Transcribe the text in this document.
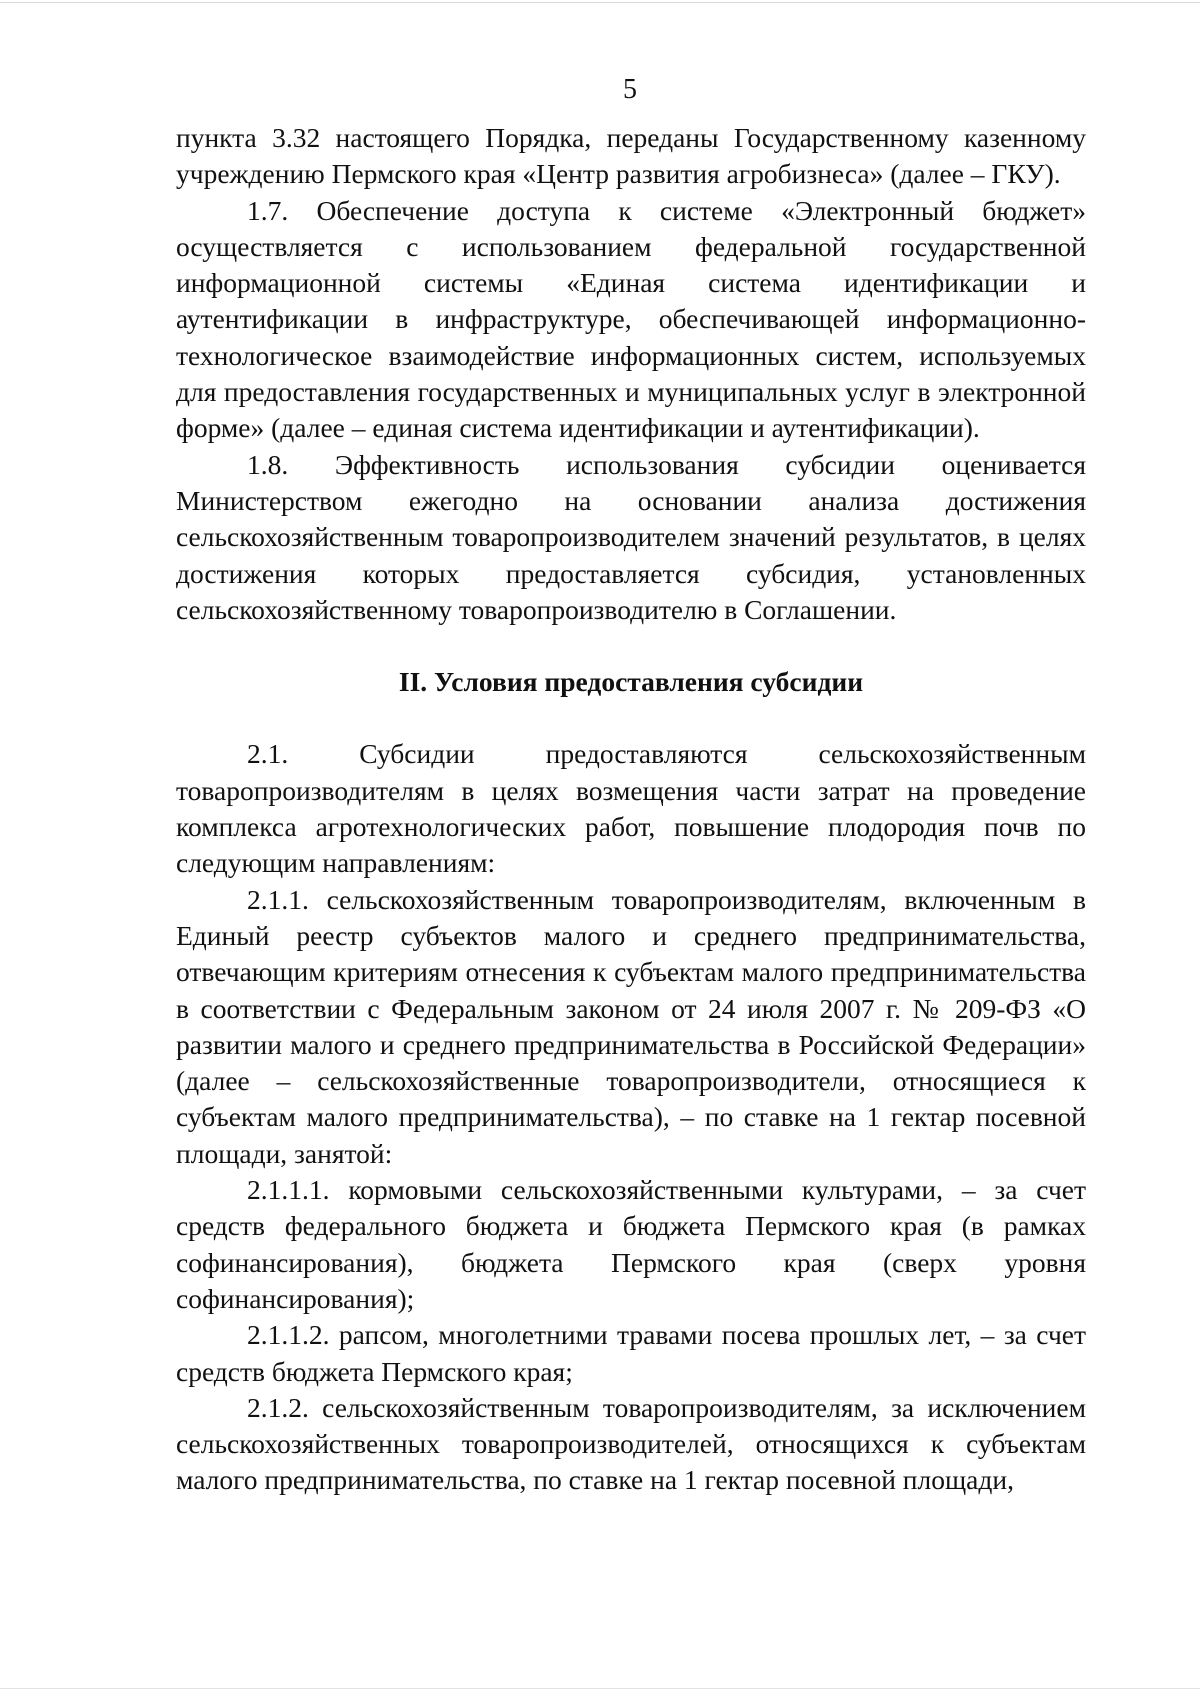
5

пункта 3.32 настоящего Порядка, переданы Государственному казенному учреждению Пермского края «Центр развития агробизнеса» (далее – ГКУ).

1.7. Обеспечение доступа к системе «Электронный бюджет» осуществляется с использованием федеральной государственной информационной системы «Единая система идентификации и аутентификации в инфраструктуре, обеспечивающей информационно-технологическое взаимодействие информационных систем, используемых для предоставления государственных и муниципальных услуг в электронной форме» (далее – единая система идентификации и аутентификации).

1.8. Эффективность использования субсидии оценивается Министерством ежегодно на основании анализа достижения сельскохозяйственным товаропроизводителем значений результатов, в целях достижения которых предоставляется субсидия, установленных сельскохозяйственному товаропроизводителю в Соглашении.

II. Условия предоставления субсидии

2.1. Субсидии предоставляются сельскохозяйственным товаропроизводителям в целях возмещения части затрат на проведение комплекса агротехнологических работ, повышение плодородия почв по следующим направлениям:

2.1.1. сельскохозяйственным товаропроизводителям, включенным в Единый реестр субъектов малого и среднего предпринимательства, отвечающим критериям отнесения к субъектам малого предпринимательства в соответствии с Федеральным законом от 24 июля 2007 г. № 209-ФЗ «О развитии малого и среднего предпринимательства в Российской Федерации» (далее – сельскохозяйственные товаропроизводители, относящиеся к субъектам малого предпринимательства), – по ставке на 1 гектар посевной площади, занятой:

2.1.1.1. кормовыми сельскохозяйственными культурами, – за счет средств федерального бюджета и бюджета Пермского края (в рамках софинансирования), бюджета Пермского края (сверх уровня софинансирования);

2.1.1.2. рапсом, многолетними травами посева прошлых лет, – за счет средств бюджета Пермского края;

2.1.2. сельскохозяйственным товаропроизводителям, за исключением сельскохозяйственных товаропроизводителей, относящихся к субъектам малого предпринимательства, по ставке на 1 гектар посевной площади,
